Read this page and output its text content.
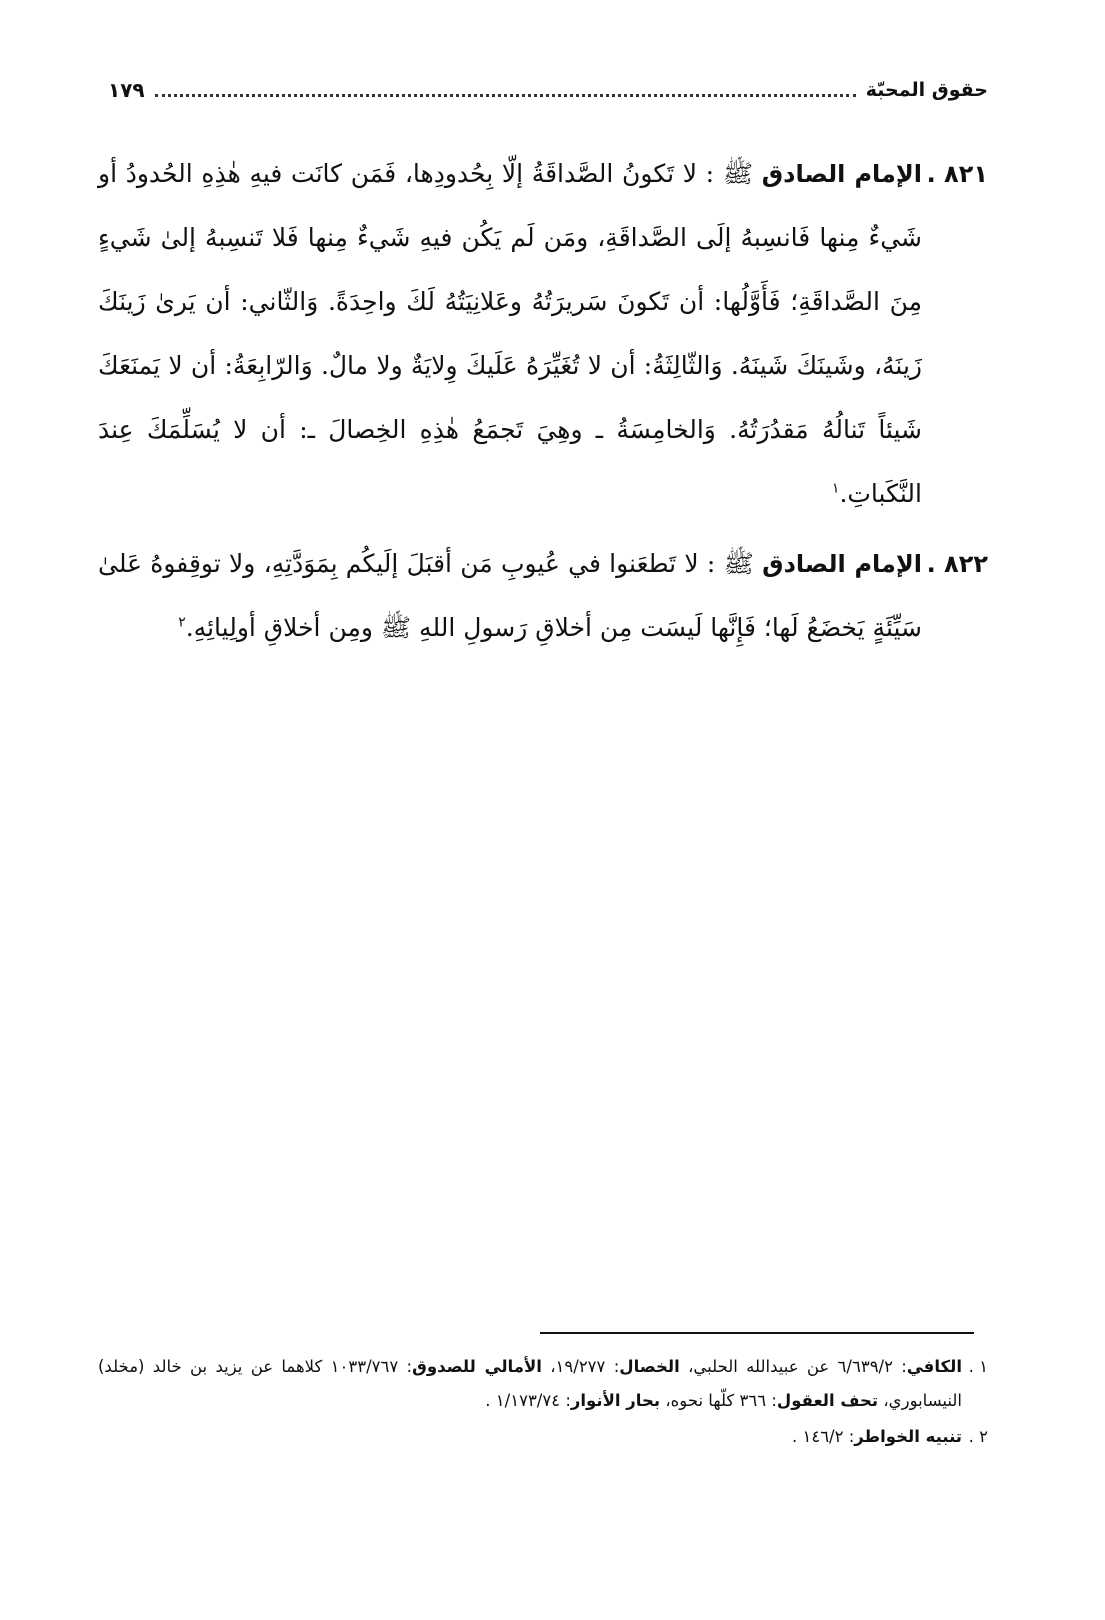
حقوق المحبّة
١٧٩

٨٢١ .
الإمام الصادق ﷺ : لا تَكونُ الصَّداقَةُ إلّا بِحُدودِها، فَمَن كانَت فيهِ هٰذِهِ الحُدودُ أو شَيءٌ مِنها فَانسِبهُ إلَى الصَّداقَةِ، ومَن لَم يَكُن فيهِ شَيءٌ مِنها فَلا تَنسِبهُ إلىٰ شَيءٍ مِنَ الصَّداقَةِ؛ فَأَوَّلُها: أن تَكونَ سَريرَتُهُ وعَلانِيَتُهُ لَكَ واحِدَةً. وَالثّاني: أن يَرىٰ زَينَكَ زَينَهُ، وشَينَكَ شَينَهُ. وَالثّالِثَةُ: أن لا تُغَيِّرَهُ عَلَيكَ وِلايَةٌ ولا مالٌ. وَالرّابِعَةُ: أن لا يَمنَعَكَ شَيئاً تَنالُهُ مَقدُرَتُهُ. وَالخامِسَةُ ـ وهِيَ تَجمَعُ هٰذِهِ الخِصالَ ـ: أن لا يُسَلِّمَكَ عِندَ النَّكَباتِ.$^١$

٨٢٢ .
الإمام الصادق ﷺ : لا تَطعَنوا في عُيوبِ مَن أقبَلَ إلَيكُم بِمَوَدَّتِهِ، ولا توقِفوهُ عَلىٰ سَيِّئَةٍ يَخضَعُ لَها؛ فَإِنَّها لَيسَت مِن أخلاقِ رَسولِ اللهِ ﷺ ومِن أخلاقِ أولِيائِهِ.$^٢$

١ .
الكافي: ٦/٦٣٩/٢ عن عبيدالله الحلبي، الخصال: ١٩/٢٧٧، الأمالي للصدوق: ١٠٣٣/٧٦٧ كلاهما عن يزيد بن خالد (مخلد) النيسابوري، تحف العقول: ٣٦٦ كلّها نحوه، بحار الأنوار: ١/١٧٣/٧٤ .

٢ .
تنبيه الخواطر: ١٤٦/٢ .
